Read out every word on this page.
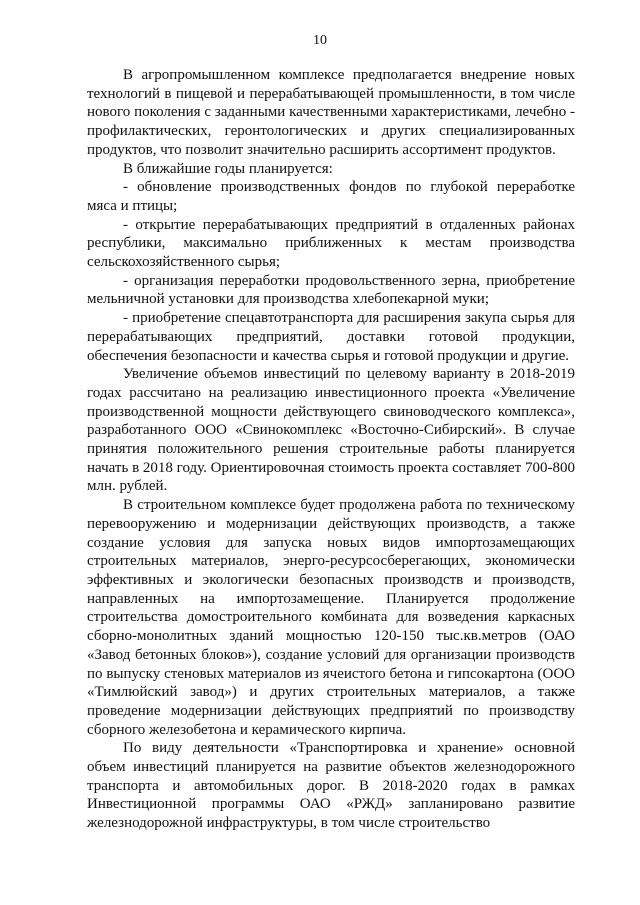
10

В агропромышленном комплексе предполагается внедрение новых технологий в пищевой и перерабатывающей промышленности, в том числе нового поколения с заданными качественными характеристиками, лечебно - профилактических, геронтологических и других специализированных продуктов, что позволит значительно расширить ассортимент продуктов.

В ближайшие годы планируется:

- обновление производственных фондов по глубокой переработке мяса и птицы;

- открытие перерабатывающих предприятий в отдаленных районах республики, максимально приближенных к местам производства сельскохозяйственного сырья;

- организация переработки продовольственного зерна, приобретение мельничной установки для производства хлебопекарной муки;

- приобретение спецавтотранспорта для расширения закупа сырья для перерабатывающих предприятий, доставки готовой продукции, обеспечения безопасности и качества сырья и готовой продукции и другие.

Увеличение объемов инвестиций по целевому варианту в 2018-2019 годах рассчитано на реализацию инвестиционного проекта «Увеличение производственной мощности действующего свиноводческого комплекса», разработанного ООО «Свинокомплекс «Восточно-Сибирский». В случае принятия положительного решения строительные работы планируется начать в 2018 году. Ориентировочная стоимость проекта составляет 700-800 млн. рублей.

В строительном комплексе будет продолжена работа по техническому перевооружению и модернизации действующих производств, а также создание условия для запуска новых видов импортозамещающих строительных материалов, энерго-ресурсосберегающих, экономически эффективных и экологически безопасных производств и производств, направленных на импортозамещение. Планируется продолжение строительства домостроительного комбината для возведения каркасных сборно-монолитных зданий мощностью 120-150 тыс.кв.метров (ОАО «Завод бетонных блоков»), создание условий для организации производств по выпуску стеновых материалов из ячеистого бетона и гипсокартона (ООО «Тимлюйский завод») и других строительных материалов, а также проведение модернизации действующих предприятий по производству сборного железобетона и керамического кирпича.

По виду деятельности «Транспортировка и хранение» основной объем инвестиций планируется на развитие объектов железнодорожного транспорта и автомобильных дорог. В 2018-2020 годах в рамках Инвестиционной программы ОАО «РЖД» запланировано развитие железнодорожной инфраструктуры, в том числе строительство
